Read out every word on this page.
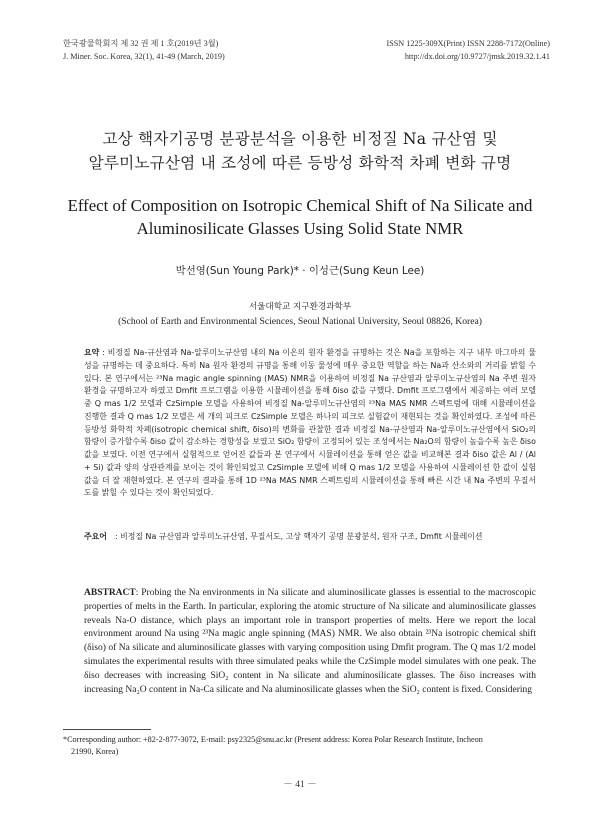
한국광물학회지 제 32 권 제 1 호(2019년 3월)
J. Miner. Soc. Korea, 32(1), 41-49 (March, 2019)
ISSN 1225-309X(Print) ISSN 2288-7172(Online)
http://dx.doi.org/10.9727/jmsk.2019.32.1.41
고상 핵자기공명 분광분석을 이용한 비정질 Na 규산염 및
알루미노규산염 내 조성에 따른 등방성 화학적 차폐 변화 규명
Effect of Composition on Isotropic Chemical Shift of Na Silicate and
Aluminosilicate Glasses Using Solid State NMR
박선영(Sun Young Park)* · 이성근(Sung Keun Lee)
서울대학교 지구환경과학부
(School of Earth and Environmental Sciences, Seoul National University, Seoul 08826, Korea)
요약 : 비정질 Na-규산염과 Na-알루미노규산염 내의 Na 이온의 원자 환경을 규명하는 것은 Na을 포함하는 지구 내부 마그마의 물성을 규명하는 데 중요하다. 특히 Na 원자 환경의 규명을 통해 이동 물성에 매우 중요한 역할을 하는 Na과 산소와의 거리를 밝힐 수 있다. 본 연구에서는 ²³Na magic angle spinning (MAS) NMR을 이용하여 비정질 Na 규산염과 알루미노규산염의 Na 주변 원자 환경을 규명하고자 하였고 Dmfit 프로그램을 이용한 시뮬레이션을 통해 δiso 값을 구했다. Dmfit 프로그램에서 제공하는 여러 모델 중 Q mas 1/2 모델과 CzSimple 모델을 사용하여 비정질 Na-알루미노규산염의 ²³Na MAS NMR 스펙트럼에 대해 시뮬레이션을 진행한 결과 Q mas 1/2 모델은 세 개의 피크로 CzSimple 모델은 하나의 피크로 실험값이 재현되는 것을 확인하였다. 조성에 따른 등방성 화학적 차폐(isotropic chemical shift, δiso)의 변화를 관찰한 결과 비정질 Na-규산염과 Na-알루미노규산염에서 SiO₂의 함량이 증가할수록 δiso 값이 감소하는 경향성을 보였고 SiO₂ 함량이 고정되어 있는 조성에서는 Na₂O의 함량이 높을수록 높은 δiso 값을 보였다. 이전 연구에서 실험적으로 얻어진 값들과 본 연구에서 시뮬레이션을 통해 얻은 값을 비교해본 결과 δiso 값은 Al / (Al + Si) 값과 양의 상관관계를 보이는 것이 확인되었고 CzSimple 모델에 비해 Q mas 1/2 모델을 사용하여 시뮬레이션 한 값이 실험값을 더 잘 재현하였다. 본 연구의 결과를 통해 1D ²³Na MAS NMR 스펙트럼의 시뮬레이션을 통해 빠른 시간 내 Na 주변의 무질서도를 밝힐 수 있다는 것이 확인되었다.
주요어	: 비정질 Na 규산염과 알루미노규산염, 무질서도, 고상 핵자기 공명 분광분석, 원자 구조, Dmfit 시뮬레이션
ABSTRACT: Probing the Na environments in Na silicate and aluminosilicate glasses is essential to the macroscopic properties of melts in the Earth. In particular, exploring the atomic structure of Na silicate and aluminosilicate glasses reveals Na-O distance, which plays an important role in transport properties of melts. Here we report the local environment around Na using ²³Na magic angle spinning (MAS) NMR. We also obtain ²³Na isotropic chemical shift (δiso) of Na silicate and aluminosilicate glasses with varying composition using Dmfit program. The Q mas 1/2 model simulates the experimental results with three simulated peaks while the CzSimple model simulates with one peak. The δiso decreases with increasing SiO₂ content in Na silicate and aluminosilicate glasses. The δiso increases with increasing Na₂O content in Na-Ca silicate and Na aluminosilicate glasses when the SiO₂ content is fixed. Considering
*Corresponding author: +82-2-877-3072, E-mail: psy2325@snu.ac.kr (Present address: Korea Polar Research Institute, Incheon
21990, Korea)
－ 41 －
